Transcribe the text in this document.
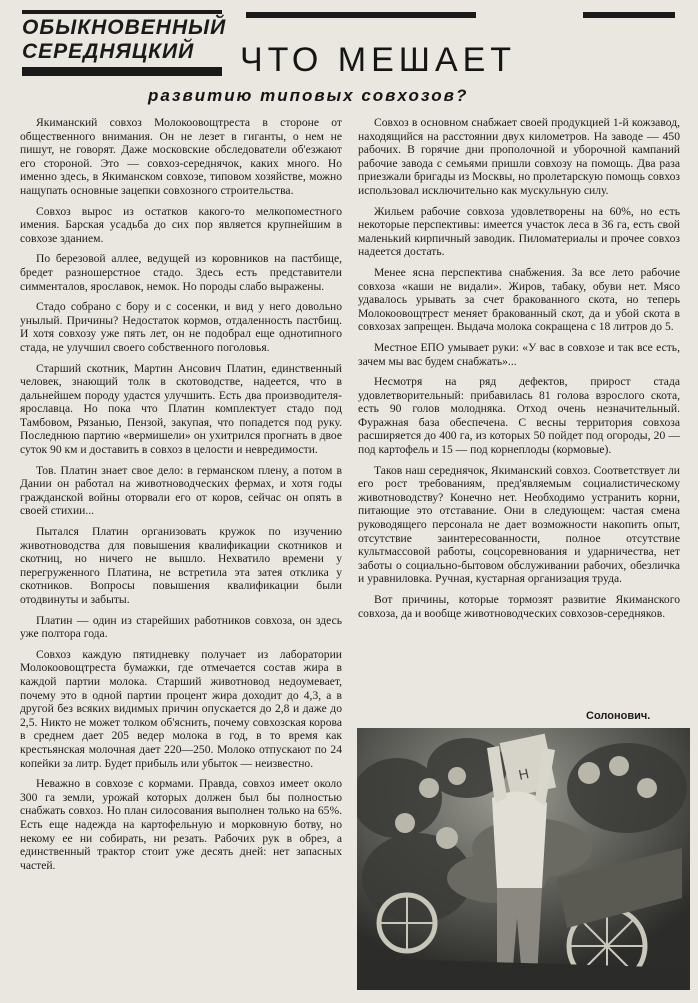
ОБЫКНОВЕННЫЙ
СЕРЕДНЯЦКИЙ	ЧТО МЕШАЕТ
развитию типовых совхозов?

Якиманский совхоз Молокоовощтреста в стороне от общественного внимания. Он не лезет в гиганты, о нем не пишут, не говорят. Даже московские обследователи об'езжают его стороной. Это — совхоз-середнячок, каких много. Но именно здесь, в Якиманском совхозе, типовом хозяйстве, можно нащупать основные зацепки совхозного строительства.

Совхоз вырос из остатков какого-то мелкопоместного имения. Барская усадьба до сих пор является крупнейшим в совхозе зданием.

По березовой аллее, ведущей из коровников на пастбище, бредет разношерстное стадо. Здесь есть представители симменталов, ярославок, немок. Но породы слабо выражены.

Стадо собрано с бору и с сосенки, и вид у него довольно унылый. Причины? Недостаток кормов, отдаленность пастбищ. И хотя совхозу уже пять лет, он не подобрал еще однотипного стада, не улучшил своего собственного поголовья.

Старший скотник, Мартин Ансович Платин, единственный человек, знающий толк в скотоводстве, надеется, что в дальнейшем породу удастся улучшить. Есть два производителя-ярославца. Но пока что Платин комплектует стадо под Тамбовом, Рязанью, Пензой, закупая, что попадется под руку. Последнюю партию «вермишели» он ухитрился прогнать в двое суток 90 км и доставить в совхоз в целости и невредимости.

Тов. Платин знает свое дело: в германском плену, а потом в Дании он работал на животноводческих фермах, и хотя годы гражданской войны оторвали его от коров, сейчас он опять в своей стихии...

Пытался Платин организовать кружок по изучению животноводства для повышения квалификации скотников и скотниц, но ничего не вышло. Нехватило времени у перегруженного Платина, не встретила эта затея отклика у скотников. Вопросы повышения квалификации были отодвинуты и забыты.

Платин — один из старейших работников совхоза, он здесь уже полтора года.

Совхоз каждую пятидневку получает из лаборатории Молокоовощтреста бумажки, где отмечается состав жира в каждой партии молока. Старший животновод недоумевает, почему это в одной партии процент жира доходит до 4,3, а в другой без всяких видимых причин опускается до 2,8 и даже до 2,5. Никто не может толком об'яснить, почему совхозская корова в среднем дает 205 ведер молока в год, в то время как крестьянская молочная дает 220—250. Молоко отпускают по 24 копейки за литр. Будет прибыль или убыток — неизвестно.

Неважно в совхозе с кормами. Правда, совхоз имеет около 300 га земли, урожай которых должен был бы полностью снабжать совхоз. Но план силосования выполнен только на 65%. Есть еще надежда на картофельную и морковную ботву, но некому ее ни собирать, ни резать. Рабочих рук в обрез, а единственный трактор стоит уже десять дней: нет запасных частей.

Совхоз в основном снабжает своей продукцией 1-й кожзавод, находящийся на расстоянии двух километров. На заводе — 450 рабочих. В горячие дни прополочной и уборочной кампаний рабочие завода с семьями пришли совхозу на помощь. Два раза приезжали бригады из Москвы, но пролетарскую помощь совхоз использовал исключительно как мускульную силу.

Жильем рабочие совхоза удовлетворены на 60%, но есть некоторые перспективы: имеется участок леса в 36 га, есть свой маленький кирпичный заводик. Пиломатериалы и прочее совхоз надеется достать.

Менее ясна перспектива снабжения. За все лето рабочие совхоза «каши не видали». Жиров, табаку, обуви нет. Мясо удавалось урывать за счет бракованного скота, но теперь Молокоовощтрест меняет бракованный скот, да и убой скота в совхозах запрещен. Выдача молока сокращена с 18 литров до 5.

Местное ЕПО умывает руки: «У вас в совхозе и так все есть, зачем мы вас будем снабжать»...

Несмотря на ряд дефектов, прирост стада удовлетворительный: прибавилась 81 голова взрослого скота, есть 90 голов молодняка. Отход очень незначительный. Фуражная база обеспечена. С весны территория совхоза расширяется до 400 га, из которых 50 пойдет под огороды, 20 — под картофель и 15 — под корнеплоды (кормовые).

Таков наш середнячок, Якиманский совхоз. Соответствует ли его рост требованиям, пред'являемым социалистическому животноводству? Конечно нет. Необходимо устранить корни, питающие это отставание. Они в следующем: частая смена руководящего персонала не дает возможности накопить опыт, отсутствие заинтересованности, полное отсутствие культмассовой работы, соцсоревнования и ударничества, нет заботы о социально-бытовом обслуживании рабочих, обезличка и уравниловка. Ручная, кустарная организация труда.

Вот причины, которые тормозят развитие Якиманского совхоза, да и вообще животноводческих совхозов-середняков.

Солонович.
Н
